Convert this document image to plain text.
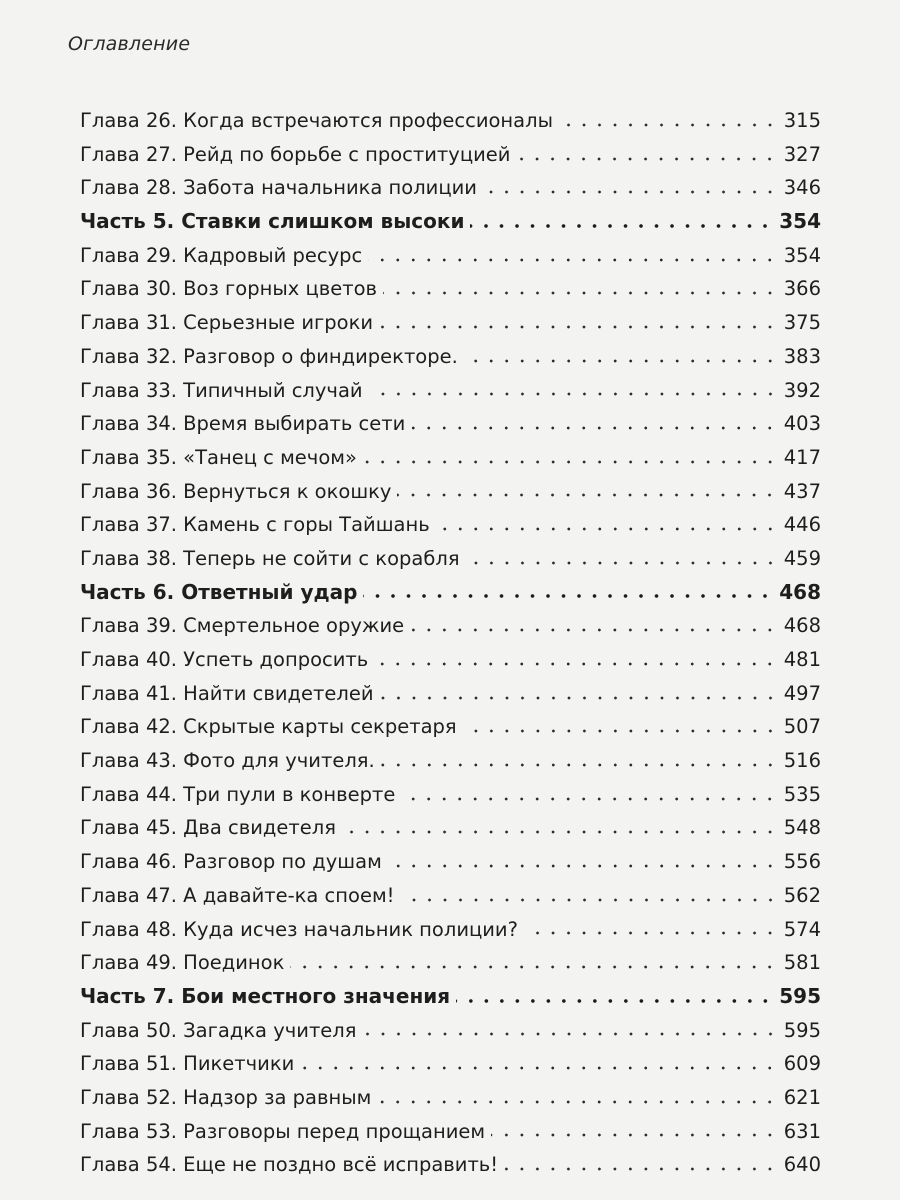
Оглавление
Глава 26. Когда встречаются профессионалы	315
Глава 27. Рейд по борьбе с проституцией	327
Глава 28. Забота начальника полиции	346
Часть 5. Ставки слишком высоки	354
Глава 29. Кадровый ресурс	354
Глава 30. Воз горных цветов	366
Глава 31. Серьезные игроки	375
Глава 32. Разговор о финдиректоре.	383
Глава 33. Типичный случай	392
Глава 34. Время выбирать сети	403
Глава 35. «Танец с мечом»	417
Глава 36. Вернуться к окошку	437
Глава 37. Камень с горы Тайшань	446
Глава 38. Теперь не сойти с корабля	459
Часть 6. Ответный удар	468
Глава 39. Смертельное оружие	468
Глава 40. Успеть допросить	481
Глава 41. Найти свидетелей	497
Глава 42. Скрытые карты секретаря	507
Глава 43. Фото для учителя.	516
Глава 44. Три пули в конверте	535
Глава 45. Два свидетеля	548
Глава 46. Разговор по душам	556
Глава 47. А давайте-ка споем!	562
Глава 48. Куда исчез начальник полиции?	574
Глава 49. Поединок	581
Часть 7. Бои местного значения	595
Глава 50. Загадка учителя	595
Глава 51. Пикетчики	609
Глава 52. Надзор за равным	621
Глава 53. Разговоры перед прощанием	631
Глава 54. Еще не поздно всё исправить!	640
